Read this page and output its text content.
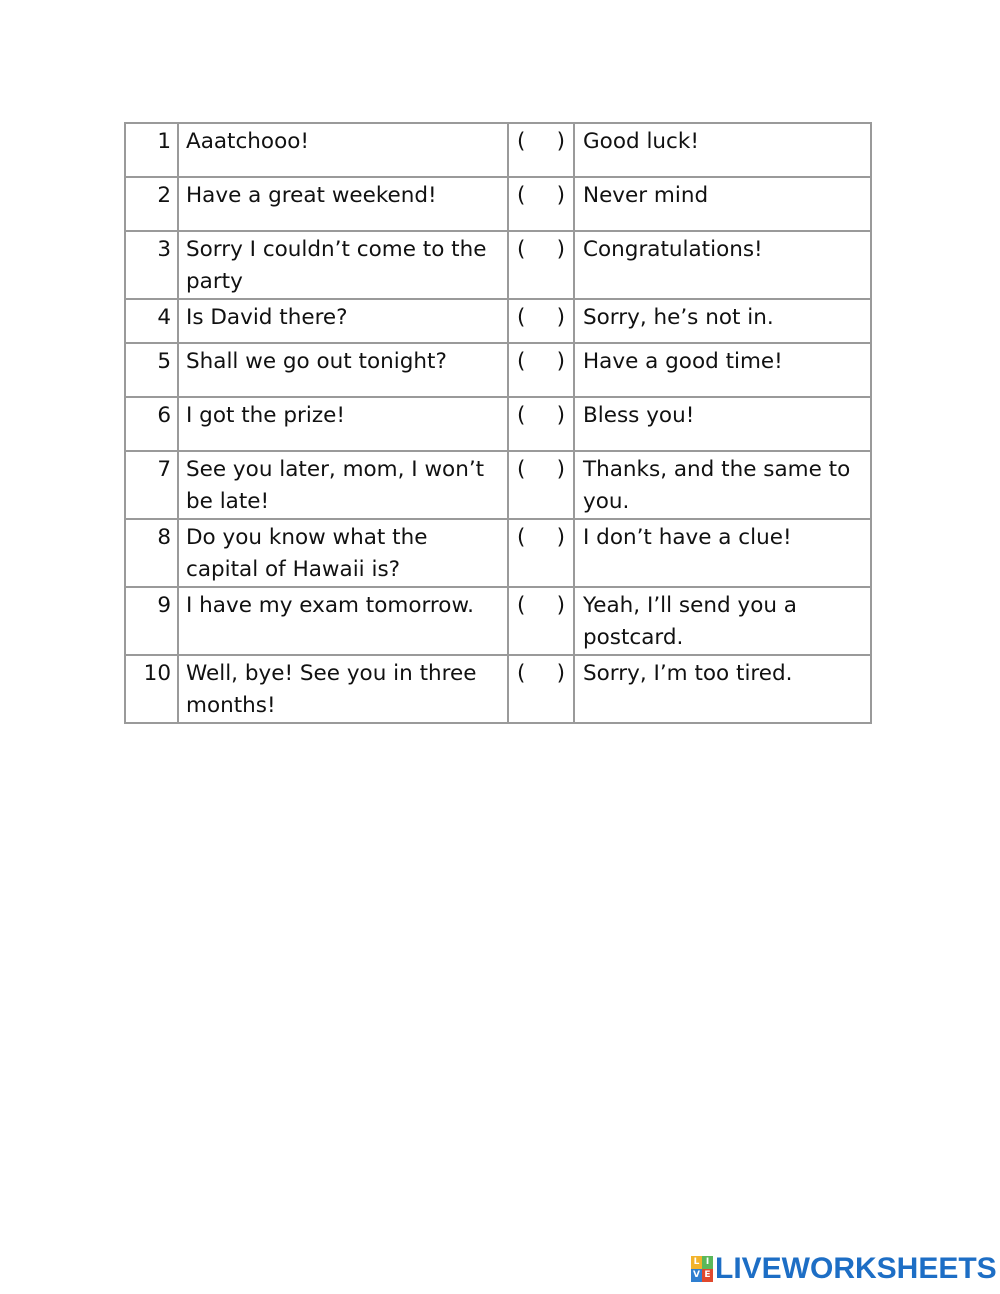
1	Aaatchooo!	( )	Good luck!
2	Have a great weekend!	( )	Never mind
3	Sorry I couldn’t come to the party	( )	Congratulations!
4	Is David there?	( )	Sorry, he’s not in.
5	Shall we go out tonight?	( )	Have a good time!
6	I got the prize!	( )	Bless you!
7	See you later, mom, I won’t be late!	( )	Thanks, and the same to you.
8	Do you know what the capital of Hawaii is?	( )	I don’t have a clue!
9	I have my exam tomorrow.	( )	Yeah, I’ll send you a postcard.
10	Well, bye! See you in three months!	( )	Sorry, I’m too tired.
L I
V E LIVEWORKSHEETS
